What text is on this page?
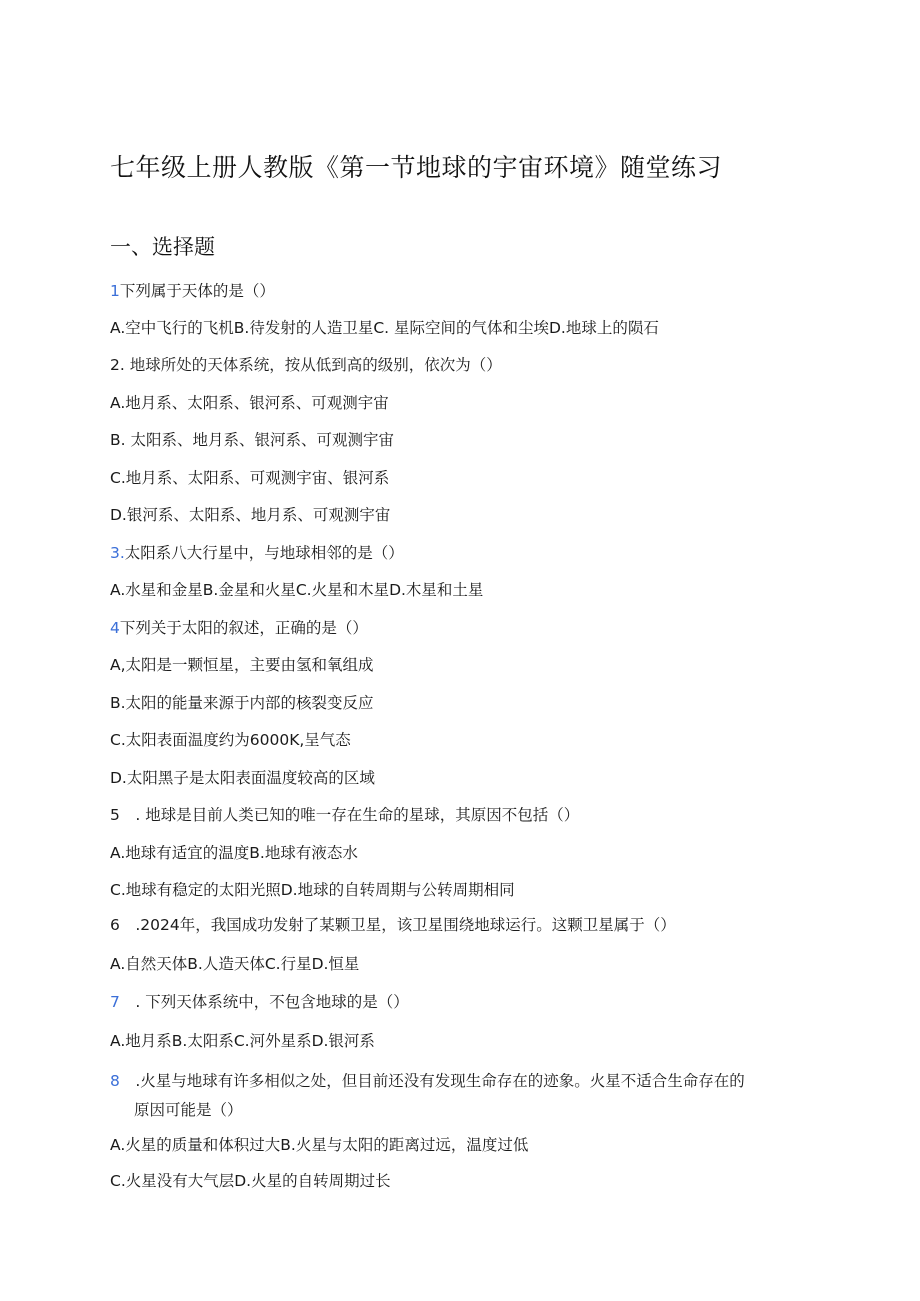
七年级上册人教版《第一节地球的宇宙环境》随堂练习
一、选择题
1下列属于天体的是（）
A.空中飞行的飞机B.待发射的人造卫星C. 星际空间的气体和尘埃D.地球上的陨石
2. 地球所处的天体系统，按从低到高的级别，依次为（）
A.地月系、太阳系、银河系、可观测宇宙
B. 太阳系、地月系、银河系、可观测宇宙
C.地月系、太阳系、可观测宇宙、银河系
D.银河系、太阳系、地月系、可观测宇宙
3.太阳系八大行星中，与地球相邻的是（）
A.水星和金星B.金星和火星C.火星和木星D.木星和土星
4下列关于太阳的叙述，正确的是（）
A,太阳是一颗恒星，主要由氢和氧组成
B.太阳的能量来源于内部的核裂变反应
C.太阳表面温度约为6000K,呈气态
D.太阳黑子是太阳表面温度较高的区域
5　. 地球是目前人类已知的唯一存在生命的星球，其原因不包括（）
A.地球有适宜的温度B.地球有液态水
C.地球有稳定的太阳光照D.地球的自转周期与公转周期相同
6　.2024年，我国成功发射了某颗卫星，该卫星围绕地球运行。这颗卫星属于（）
A.自然天体B.人造天体C.行星D.恒星
7　. 下列天体系统中，不包含地球的是（）
A.地月系B.太阳系C.河外星系D.银河系
8　.火星与地球有许多相似之处，但目前还没有发现生命存在的迹象。火星不适合生命存在的
原因可能是（）
A.火星的质量和体积过大B.火星与太阳的距离过远，温度过低
C.火星没有大气层D.火星的自转周期过长
